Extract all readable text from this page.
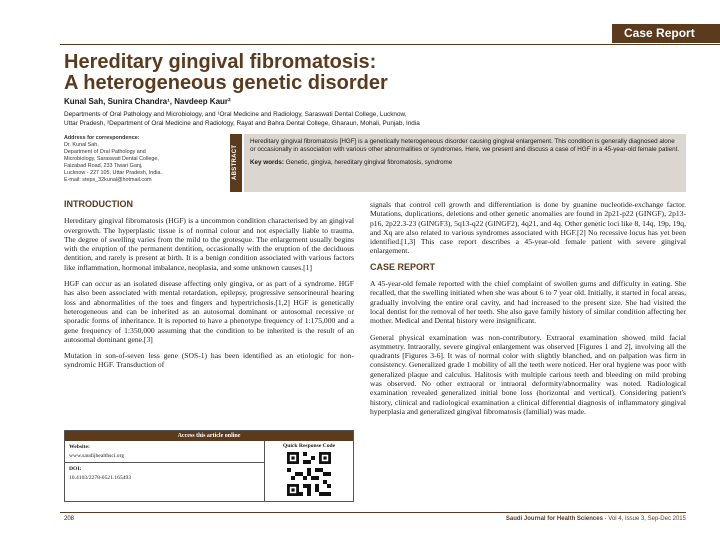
Case Report
Hereditary gingival fibromatosis:
A heterogeneous genetic disorder

Kunal Sah, Sunira Chandra¹, Navdeep Kaur²

Departments of Oral Pathology and Microbiology, and ¹Oral Medicine and Radiology, Saraswati Dental College, Lucknow,
Uttar Pradesh, ²Department of Oral Medicine and Radiology, Rayat and Bahra Dental College, Gharaun, Mohali, Punjab, India

Address for correspondence:
Dr. Kunal Sah,
Department of Oral Pathology and
Microbiology, Saraswati Dental College,
Faizabad Road, 233 Tiwari Ganj,
Lucknow - 227 105, Uttar Pradesh, India.
E-mail: steps_32kunal@hotmail.com	ABSTRACT
Hereditary gingival fibromatosis [HGF] is a genetically heterogeneous disorder causing gingival enlargement. This condition is generally diagnosed alone or occasionally in association with various other abnormalities or syndromes. Here, we present and discuss a case of HGF in a 45-year-old female patient.
Key words: Genetic, gingiva, hereditary gingival fibromatosis, syndrome
INTRODUCTION

Hereditary gingival fibromatosis (HGF) is a uncommon condition characterised by an gingival overgrowth. The hyperplastic tissue is of normal colour and not especially liable to trauma. The degree of swelling varies from the mild to the grotesque. The enlargement usually begins with the eruption of the permanent dentition, occasionally with the eruption of the deciduous dentition, and rarely is present at birth. It is a benign condition associated with various factors like inflammation, hormonal imbalance, neoplasia, and some unknown causes.[1]

HGF can occur as an isolated disease affecting only gingiva, or as part of a syndrome. HGF has also been associated with mental retardation, epilepsy, progressive sensorineural hearing loss and abnormalities of the toes and fingers and hypertrichosis.[1,2] HGF is genetically heterogeneous and can be inherited as an autosomal dominant or autosomal recessive or sporadic forms of inheritance. It is reported to have a phenotype frequency of 1:175,000 and a gene frequency of 1:350,000 assuming that the condition to be inherited is the result of an autosomal dominant gene.[3]

Mutation in son-of-seven less gene (SOS-1) has been identified as an etiologic for non-syndromic HGF. Transduction of

Access this article online
Website:
www.saudijhealthsci.org
DOI:
10.4103/2278-0521.165493
Quick Response Code

signals that control cell growth and differentiation is done by guanine nucleotide-exchange factor. Mutations, duplications, deletions and other genetic anomalies are found in 2p21-p22 (GINGF), 2p13-p16, 2p22.3-23 (GINGF3), 5q13-q22 (GINGF2), 4q21, and 4q. Other genetic loci like 8, 14q, 19p, 19q, and Xq are also related to various syndromes associated with HGF.[2] No recessive locus has yet been identified.[1,3] This case report describes a 45-year-old female patient with severe gingival enlargement.

CASE REPORT

A 45-year-old female reported with the chief complaint of swollen gums and difficulty in eating. She recalled, that the swelling initiated when she was about 6 to 7 year old. Initially, it started in focal areas, gradually involving the entire oral cavity, and had increased to the present size. She had visited the local dentist for the removal of her teeth. She also gave family history of similar condition affecting her mother. Medical and Dental history were insignificant.

General physical examination was non-contributory. Extraoral examination showed mild facial asymmetry. Intraorally, severe gingival enlargement was observed [Figures 1 and 2], involving all the quadrants [Figures 3-6]. It was of normal color with slightly blanched, and on palpation was firm in consistency. Generalized grade 1 mobility of all the teeth were noticed. Her oral hygiene was poor with generalized plaque and calculus. Halitosis with multiple carious teeth and bleeding on mild probing was observed. No other extraoral or intraoral deformity/abnormality was noted. Radiological examination revealed generalized initial bone loss (horizontal and vertical). Considering patient's history, clinical and radiological examination a clinical differential diagnosis of inflammatory gingival hyperplasia and generalized gingival fibromatosis (familial) was made.

208	Saudi Journal for Health Sciences - Vol 4, Issue 3, Sep-Dec 2015
